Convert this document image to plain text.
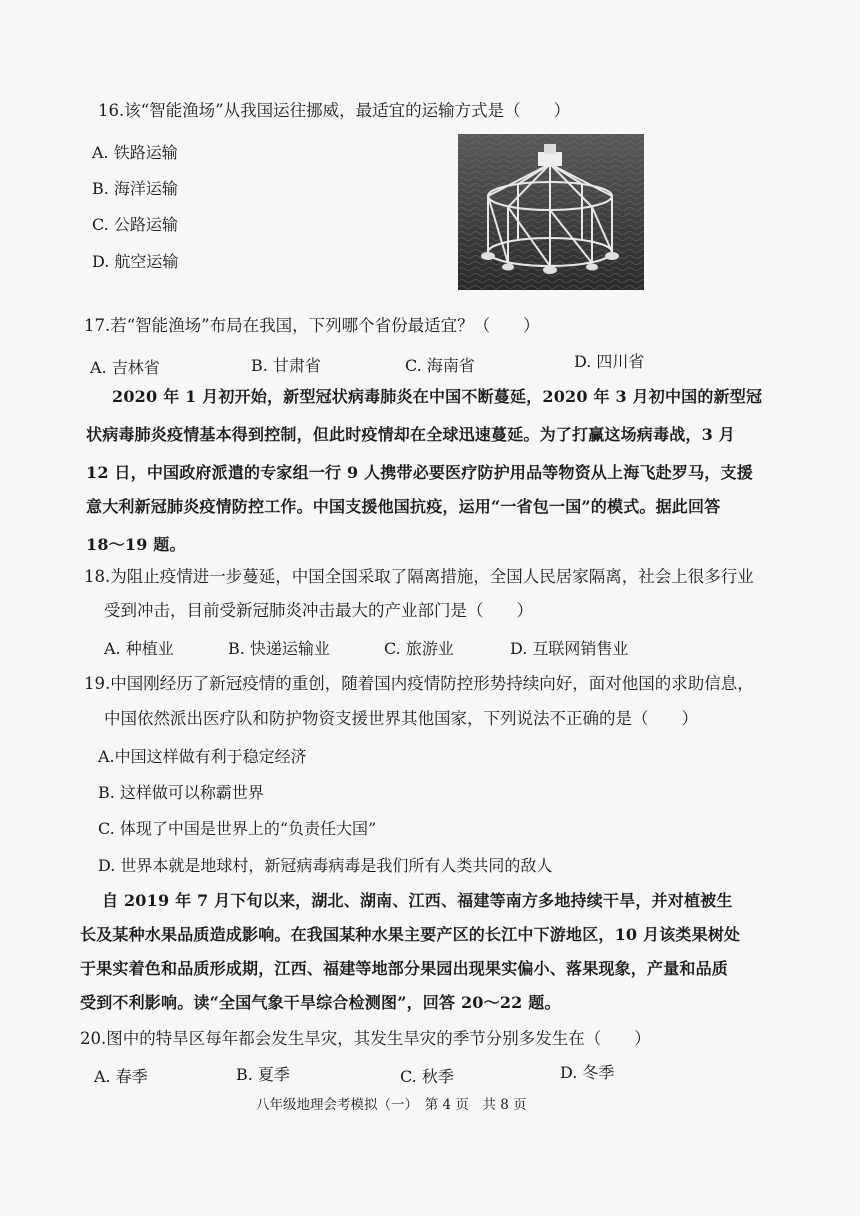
16.该“智能渔场”从我国运往挪威，最适宜的运输方式是（　　）
A. 铁路运输
B. 海洋运输
C. 公路运输
D. 航空运输
17.若“智能渔场”布局在我国，下列哪个省份最适宜？（　　）
A. 吉林省	B. 甘肃省	C. 海南省	D. 四川省
2020 年 1 月初开始，新型冠状病毒肺炎在中国不断蔓延，2020 年 3 月初中国的新型冠
状病毒肺炎疫情基本得到控制，但此时疫情却在全球迅速蔓延。为了打赢这场病毒战，3 月
12 日，中国政府派遣的专家组一行 9 人携带必要医疗防护用品等物资从上海飞赴罗马，支援
意大利新冠肺炎疫情防控工作。中国支援他国抗疫，运用“一省包一国”的模式。据此回答
18～19 题。
18.为阻止疫情进一步蔓延，中国全国采取了隔离措施，全国人民居家隔离，社会上很多行业
受到冲击，目前受新冠肺炎冲击最大的产业部门是（　　）
A. 种植业	B. 快递运输业	C. 旅游业	D. 互联网销售业
19.中国刚经历了新冠疫情的重创，随着国内疫情防控形势持续向好，面对他国的求助信息，
中国依然派出医疗队和防护物资支援世界其他国家，下列说法不正确的是（　　）
A.中国这样做有利于稳定经济
B. 这样做可以称霸世界
C. 体现了中国是世界上的“负责任大国”
D. 世界本就是地球村，新冠病毒病毒是我们所有人类共同的敌人
自 2019 年 7 月下旬以来，湖北、湖南、江西、福建等南方多地持续干旱，并对植被生
长及某种水果品质造成影响。在我国某种水果主要产区的长江中下游地区，10 月该类果树处
于果实着色和品质形成期，江西、福建等地部分果园出现果实偏小、落果现象，产量和品质
受到不利影响。读“全国气象干旱综合检测图”，回答 20～22 题。
20.图中的特旱区每年都会发生旱灾，其发生旱灾的季节分别多发生在（　　）
A. 春季	B. 夏季	C. 秋季	D. 冬季
八年级地理会考模拟（一）　第 4 页　共 8 页
